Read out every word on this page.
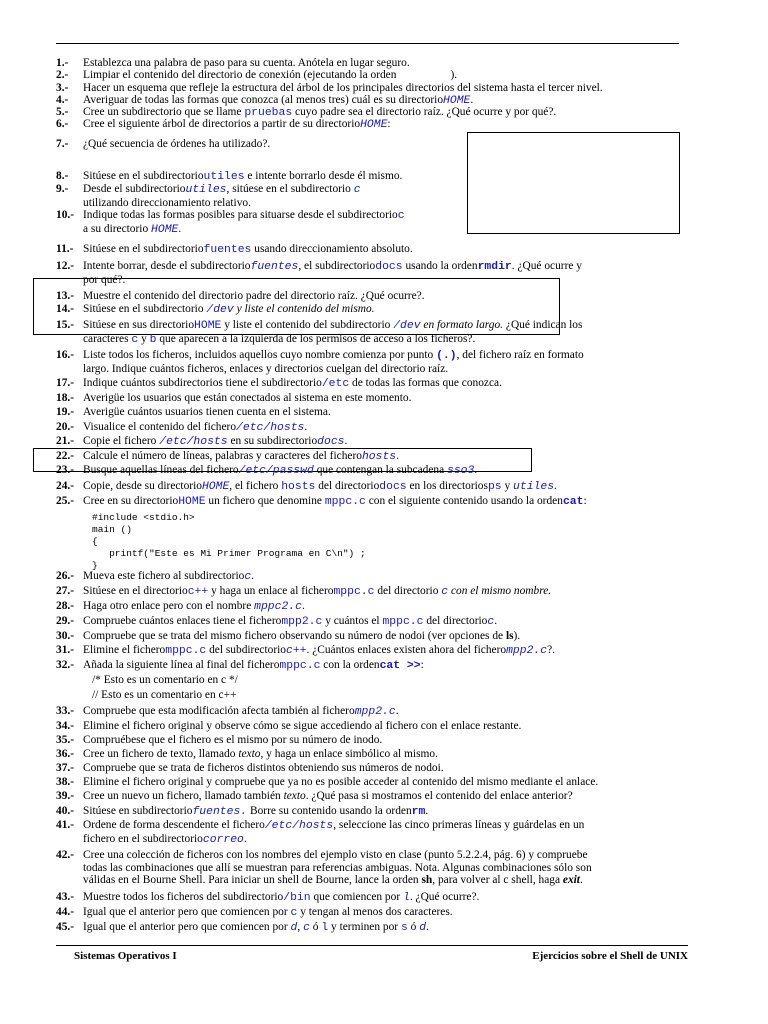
1.-	Establezca una palabra de paso para su cuenta. Anótela en lugar seguro.
2.-	Limpiar el contenido del directorio de conexión (ejecutando la orden	).
3.-	Hacer un esquema que refleje la estructura del árbol de los principales directorios del sistema hasta el tercer nivel.
4.-	Averiguar de todas las formas que conozca (al menos tres) cuál es su directorioHOME.
5.-	Cree un subdirectorio que se llame pruebas cuyo padre sea el directorio raíz. ¿Qué ocurre y por qué?.
6.-	Cree el siguiente árbol de directorios a partir de su directorioHOME:
7.-	¿Qué secuencia de órdenes ha utilizado?.
8.-	Sitúese en el subdirectorioutiles e intente borrarlo desde él mismo.
9.-	Desde el subdirectorioutiles, sitúese en el subdirectorio c
utilizando direccionamiento relativo.
10.- Indique todas las formas posibles para situarse desde el subdirectorioc
a su directorio HOME.
11.- Sitúese en el subdirectoriofuentes usando direccionamiento absoluto.
12.- Intente borrar, desde el subdirectoriofuentes, el subdirectoriodocs usando la ordenrmdir. ¿Qué ocurre y
por qué?.
13.- Muestre el contenido del directorio padre del directorio raíz. ¿Qué ocurre?.
14.- Sitúese en el subdirectorio /dev y liste el contenido del mismo.
15.- Sitúese en sus directorioHOME y liste el contenido del subdirectorio /dev en formato largo. ¿Qué indican los
caracteres c y b que aparecen a la izquierda de los permisos de acceso a los ficheros?.
16.- Liste todos los ficheros, incluidos aquellos cuyo nombre comienza por punto (.), del fichero raíz en formato
largo. Indique cuántos ficheros, enlaces y directorios cuelgan del directorio raíz.
17.- Indique cuántos subdirectorios tiene el subdirectorio/etc de todas las formas que conozca.
18.- Averigüe los usuarios que están conectados al sistema en este momento.
19.- Averigüe cuántos usuarios tienen cuenta en el sistema.
20.- Visualice el contenido del fichero/etc/hosts.
21.- Copie el fichero /etc/hosts en su subdirectoriodocs.
22.- Calcule el número de líneas, palabras y caracteres del ficherohosts.
23.- Busque aquellas líneas del fichero/etc/passwd que contengan la subcadena sso3.
24.- Copie, desde su directorioHOME, el fichero hosts del directoriodocs en los directoriosps y utiles.
25.- Cree en su directorioHOME un fichero que denomine mppc.c con el siguiente contenido usando la ordencat:
#include <stdio.h>
main ()
{
printf("Este es Mi Primer Programa en C\n") ;
}
26.- Mueva este fichero al subdirectorioc.
27.- Sitúese en el directorioc++ y haga un enlace al ficheromppc.c del directorio c con el mismo nombre.
28.- Haga otro enlace pero con el nombre mppc2.c.
29.- Compruebe cuántos enlaces tiene el ficherompp2.c y cuántos el mppc.c del directorioc.
30.- Compruebe que se trata del mismo fichero observando su número de nodoi (ver opciones de ls).
31.- Elimine el ficheromppc.c del subdirectorioc++. ¿Cuántos enlaces existen ahora del ficherompp2.c?.
32.- Añada la siguiente línea al final del ficheromppc.c con la ordencat >>:
/* Esto es un comentario en c */
// Esto es un comentario en c++
33.- Compruebe que esta modificación afecta también al ficherompp2.c.
34.- Elimine el fichero original y observe cómo se sigue accediendo al fichero con el enlace restante.
35.- Compruébese que el fichero es el mismo por su número de inodo.
36.- Cree un fichero de texto, llamado texto, y haga un enlace simbólico al mismo.
37.- Compruebe que se trata de ficheros distintos obteniendo sus números de nodoi.
38.- Elimine el fichero original y compruebe que ya no es posible acceder al contenido del mismo mediante el anlace.
39.- Cree un nuevo un fichero, llamado también texto. ¿Qué pasa si mostramos el contenido del enlace anterior?
40.- Sitúese en subdirectoriofuentes. Borre su contenido usando la ordenrm.
41.- Ordene de forma descendente el fichero/etc/hosts, seleccione las cinco primeras líneas y guárdelas en un
fichero en el subdirectoriocorreo.
42.- Cree una colección de ficheros con los nombres del ejemplo visto en clase (punto 5.2.2.4, pág. 6) y compruebe
todas las combinaciones que allí se muestran para referencias ambiguas. Nota. Algunas combinaciones sólo son
válidas en el Bourne Shell. Para iniciar un shell de Bourne, lance la orden sh, para volver al c shell, haga exit.
43.- Muestre todos los ficheros del subdirectorio/bin que comiencen por l. ¿Qué ocurre?.
44.- Igual que el anterior pero que comiencen por c y tengan al menos dos caracteres.
45.- Igual que el anterior pero que comiencen por d, c ó l y terminen por s ó d.
Sistemas Operativos I	Ejercicios sobre el Shell de UNIX
